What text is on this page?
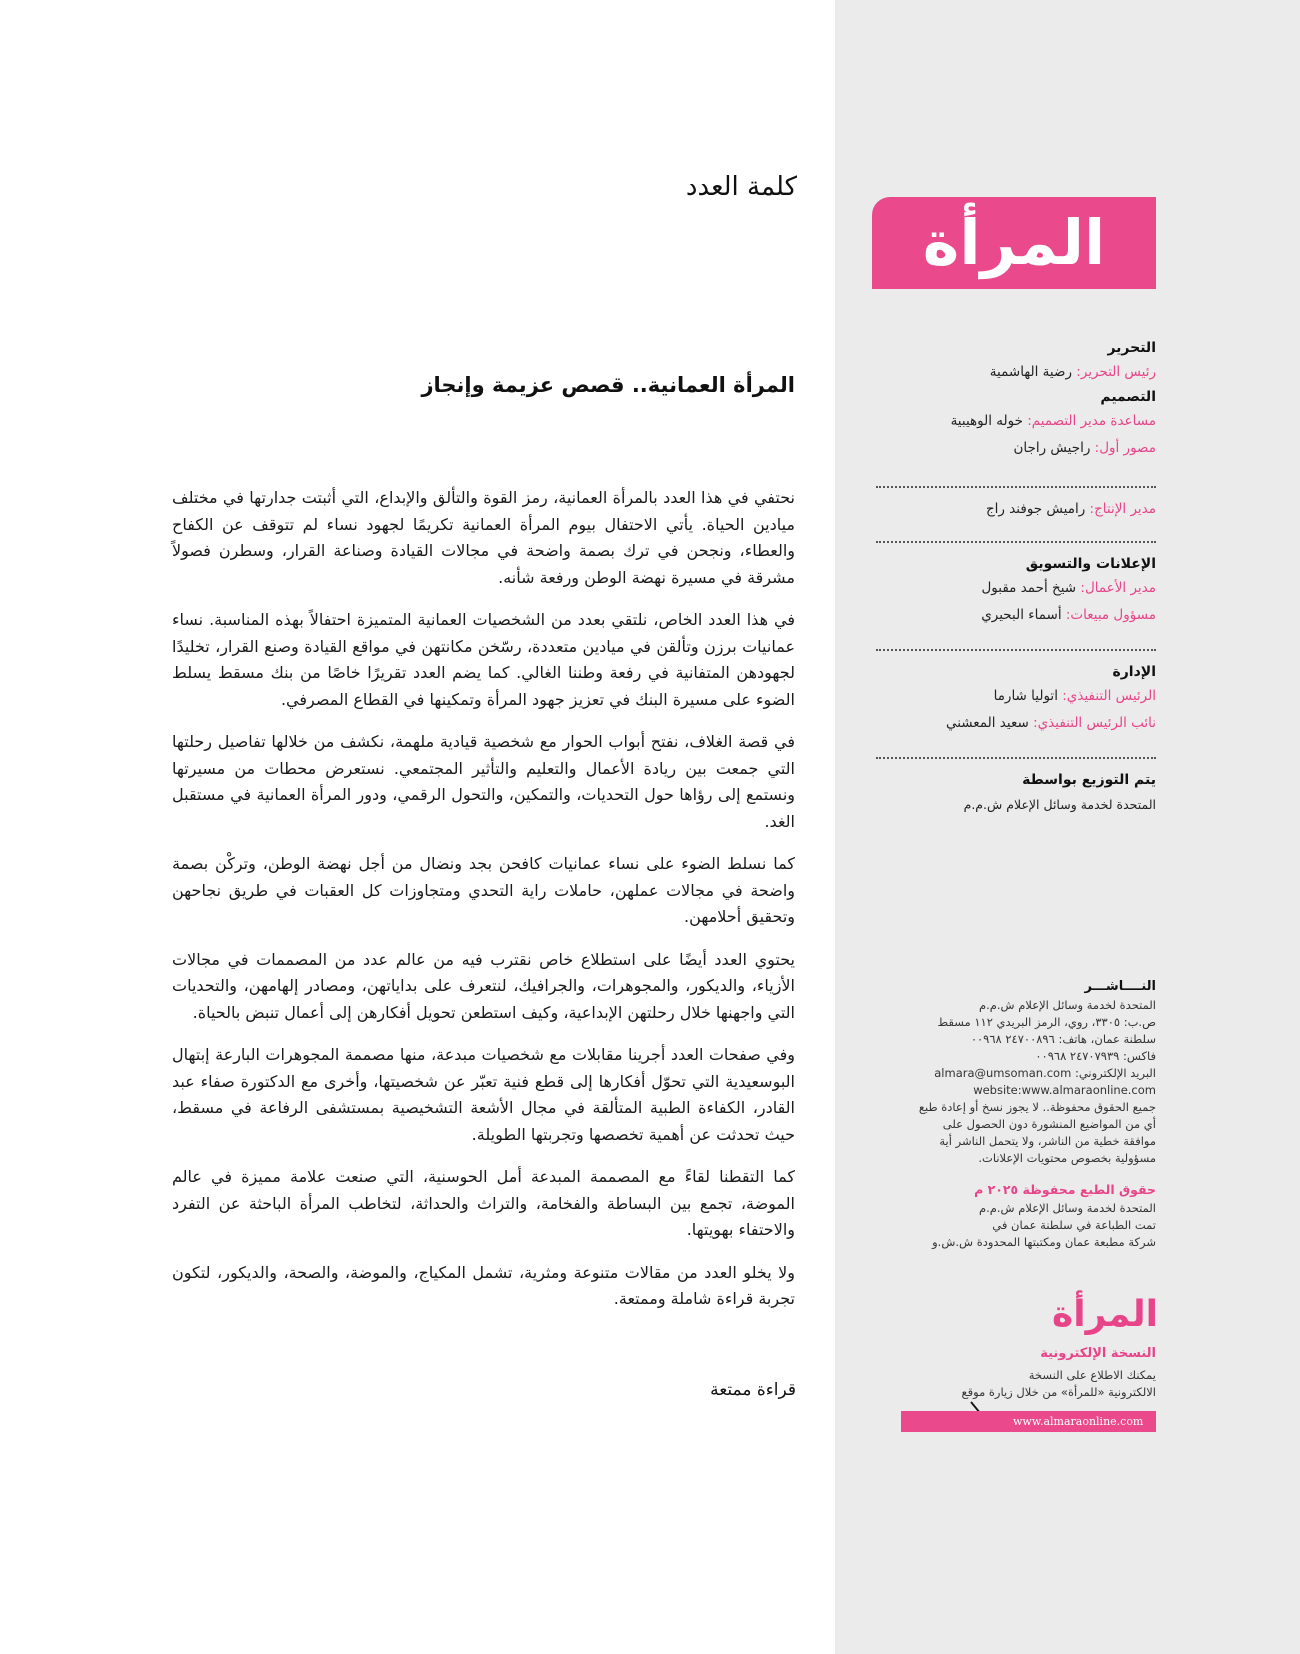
المرأة

التحرير

رئيس التحرير: رضية الهاشمية

التصميم

مساعدة مدير التصميم: خوله الوهيبية

مصور أول: راجيش راجان

مدير الإنتاج: راميش جوفند راج

الإعلانات والتسويق

مدير الأعمال: شيخ أحمد مقبول

مسؤول مبيعات: أسماء البحيري

الإدارة

الرئيس التنفيذي: اتوليا شارما

نائب الرئيس التنفيذي: سعيد المعشني

يتم التوزيع بواسطة

المتحدة لخدمة وسائل الإعلام ش.م.م

النــــاشـــر

المتحدة لخدمة وسائل الإعلام ش.م.م

ص.ب: ٣٣٠٥، روي، الرمز البريدي ١١٢ مسقط

سلطنة عمان، هاتف: ٢٤٧٠٠٨٩٦ ٠٠٩٦٨

فاكس: ٢٤٧٠٧٩٣٩ ٠٠٩٦٨

البريد الإلكتروني: almara@umsoman.com

website:www.almaraonline.com

جميع الحقوق محفوظة.. لا يجوز نسخ أو إعادة طبع

أي من المواضيع المنشورة دون الحصول على

موافقة خطية من الناشر، ولا يتحمل الناشر أية

مسؤولية بخصوص محتويات الإعلانات.

حقوق الطبع محفوظة ٢٠٢٥ م

المتحدة لخدمة وسائل الإعلام ش.م.م

تمت الطباعة في سلطنة عمان في

شركة مطبعة عمان ومكتبتها المحدودة ش.ش.و

المرأة

النسخة الإلكترونية

يمكنك الاطلاع على النسخة

الالكترونية «للمرأة» من خلال زيارة موقع

www.almaraonline.com
كلمة العدد
المرأة العمانية.. قصص عزيمة وإنجاز

نحتفي في هذا العدد بالمرأة العمانية، رمز القوة والتألق والإبداع، التي أثبتت جدارتها في مختلف ميادين الحياة. يأتي الاحتفال بيوم المرأة العمانية تكريمًا لجهود نساء لم تتوقف عن الكفاح والعطاء، ونجحن في ترك بصمة واضحة في مجالات القيادة وصناعة القرار، وسطرن فصولاً مشرقة في مسيرة نهضة الوطن ورفعة شأنه.

في هذا العدد الخاص، نلتقي بعدد من الشخصيات العمانية المتميزة احتفالاً بهذه المناسبة. نساء عمانيات برزن وتألقن في ميادين متعددة، رسّخن مكانتهن في مواقع القيادة وصنع القرار، تخليدًا لجهودهن المتفانية في رفعة وطننا الغالي. كما يضم العدد تقريرًا خاصًا من بنك مسقط يسلط الضوء على مسيرة البنك في تعزيز جهود المرأة وتمكينها في القطاع المصرفي.

في قصة الغلاف، نفتح أبواب الحوار مع شخصية قيادية ملهمة، نكشف من خلالها تفاصيل رحلتها التي جمعت بين ريادة الأعمال والتعليم والتأثير المجتمعي. نستعرض محطات من مسيرتها ونستمع إلى رؤاها حول التحديات، والتمكين، والتحول الرقمي، ودور المرأة العمانية في مستقبل الغد.

كما نسلط الضوء على نساء عمانيات كافحن بجد ونضال من أجل نهضة الوطن، وتركْن بصمة واضحة في مجالات عملهن، حاملات راية التحدي ومتجاوزات كل العقبات في طريق نجاحهن وتحقيق أحلامهن.

يحتوي العدد أيضًا على استطلاع خاص نقترب فيه من عالم عدد من المصممات في مجالات الأزياء، والديكور، والمجوهرات، والجرافيك، لنتعرف على بداياتهن، ومصادر إلهامهن، والتحديات التي واجهنها خلال رحلتهن الإبداعية، وكيف استطعن تحويل أفكارهن إلى أعمال تنبض بالحياة.

وفي صفحات العدد أجرينا مقابلات مع شخصيات مبدعة، منها مصممة المجوهرات البارعة إبتهال البوسعيدية التي تحوّل أفكارها إلى قطع فنية تعبّر عن شخصيتها، وأخرى مع الدكتورة صفاء عبد القادر، الكفاءة الطبية المتألقة في مجال الأشعة التشخيصية بمستشفى الرفاعة في مسقط، حيث تحدثت عن أهمية تخصصها وتجربتها الطويلة.

كما التقطنا لقاءً مع المصممة المبدعة أمل الحوسنية، التي صنعت علامة مميزة في عالم الموضة، تجمع بين البساطة والفخامة، والتراث والحداثة، لتخاطب المرأة الباحثة عن التفرد والاحتفاء بهويتها.

ولا يخلو العدد من مقالات متنوعة ومثرية، تشمل المكياج، والموضة، والصحة، والديكور، لتكون تجربة قراءة شاملة وممتعة.

قراءة ممتعة
